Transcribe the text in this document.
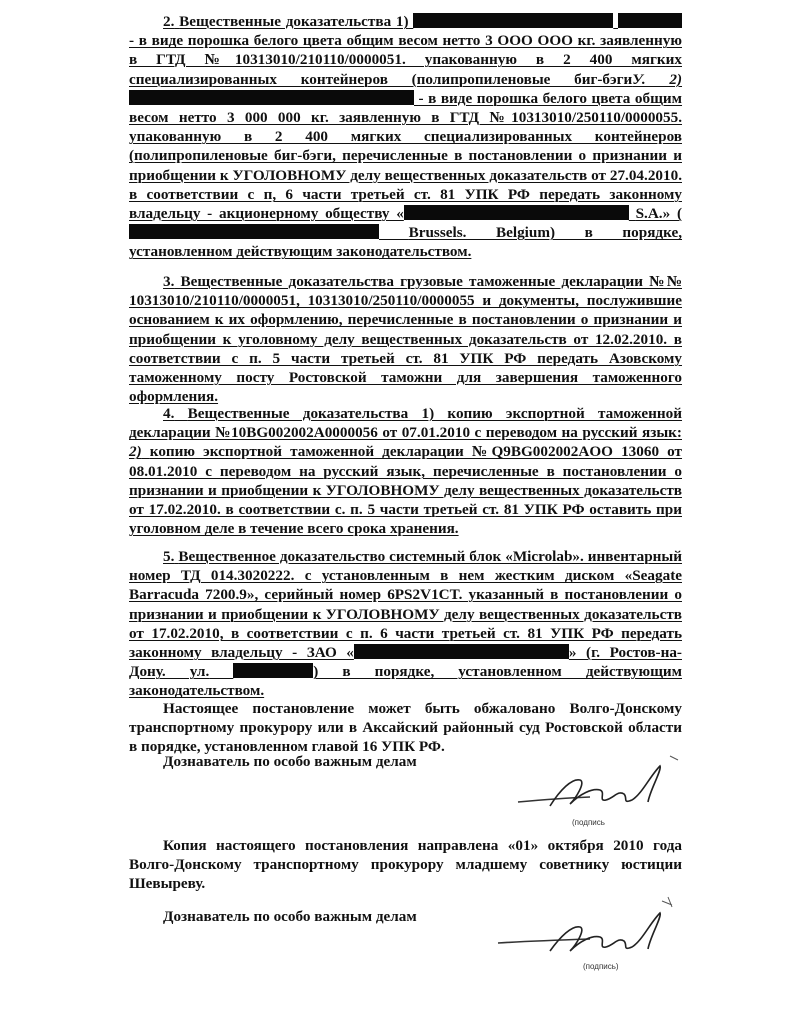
2. Вещественные доказательства 1)   - в виде порошка белого цвета общим весом нетто 3 ООО ООО кг. заявленную в ГТД №10313010/210110/0000051. упакованную в 2 400 мягких специализированных контейнеров (полипропиленовые биг-бэгиУ. 2)  - в виде порошка белого цвета общим весом нетто 3 000 000 кг. заявленную в ГТД №10313010/250110/0000055. упакованную в 2 400 мягких специализированных контейнеров (полипропиленовые биг-бэги, перечисленные в постановлении о признании и приобщении к УГОЛОВНОМУ делу вещественных доказательств от 27.04.2010. в соответствии с п, 6 части третьей ст. 81 УПК РФ передать законному владельцу - акционерному обществу «	S.A.» ( Brussels. Belgium) в порядке, установленном действующим законодательством.

3. Вещественные доказательства грузовые таможенные декларации №№ 10313010/210110/0000051, 10313010/250110/0000055 и документы, послужившие основанием к их оформлению, перечисленные в постановлении о признании и приобщении к уголовному делу вещественных доказательств от 12.02.2010. в соответствии с п. 5 части третьей ст. 81 УПК РФ передать Азовскому таможенному посту Ростовской таможни для завершения таможенного оформления.

4. Вещественные доказательства 1) копию экспортной таможенной декларации №10BG002002A0000056 от 07.01.2010 с переводом на русский язык: 2) копию экспортной таможенной декларации №Q9BG002002AOO 13060 от 08.01.2010 с переводом на русский язык, перечисленные в постановлении о признании и приобщении к УГОЛОВНОМУ делу вещественных доказательств от 17.02.2010. в соответствии с. п. 5 части третьей ст. 81 УПК РФ оставить при уголовном деле в течение всего срока хранения.

5. Вещественное доказательство системный блок «Microlab». инвентарный номер ТД 014.3020222. с установленным в нем жестким диском «Seagate Barracuda 7200.9», серийный номер 6PS2V1CT. указанный в постановлении о признании и приобщении к УГОЛОВНОМУ делу вещественных доказательств от 17.02.2010, в соответствии с п. 6 части третьей ст. 81 УПК РФ передать законному владельцу - ЗАО «	» (г. Ростов-на-Дону. ул.	) в порядке, установленном действующим законодательством.

Настоящее постановление может быть обжаловано Волго-Донскому транспортному прокурору или в Аксайский районный суд Ростовской области в порядке, установленном главой 16 УПК РФ.

Дознаватель по особо важным делам

(подпись

Копия настоящего постановления направлена «01» октября 2010 года Волго-Донскому транспортному прокурору младшему советнику юстиции Шевыреву.

Дознаватель по особо важным делам

(подпись)
